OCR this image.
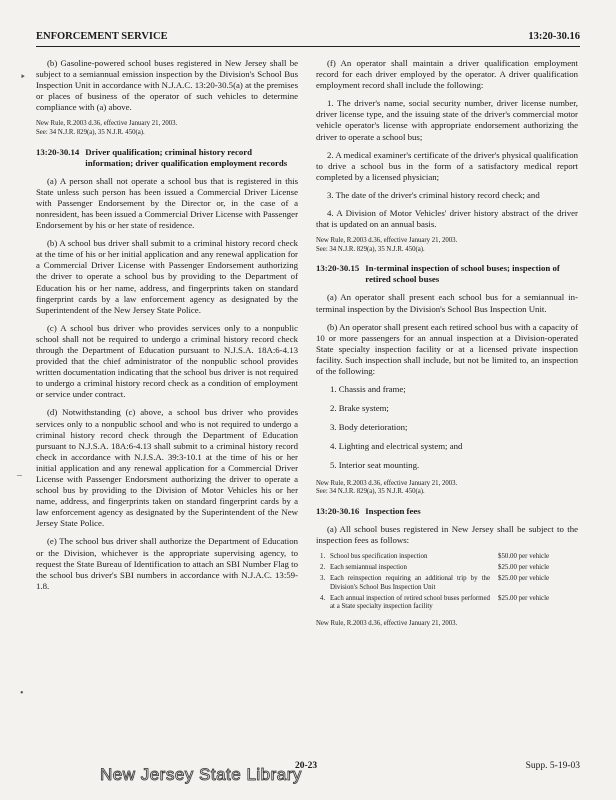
ENFORCEMENT SERVICE	13:20-30.16
‣
–
•

(b) Gasoline-powered school buses registered in New Jersey shall be subject to a semiannual emission inspection by the Division's School Bus Inspection Unit in accordance with N.J.A.C. 13:20-30.5(a) at the premises or places of business of the operator of such vehicles to determine compliance with (a) above.

New Rule, R.2003 d.36, effective January 21, 2003.
See: 34 N.J.R. 829(a), 35 N.J.R. 450(a).
13:20-30.14 Driver qualification; criminal history record information; driver qualification employment records

(a) A person shall not operate a school bus that is registered in this State unless such person has been issued a Commercial Driver License with Passenger Endorsement by the Director or, in the case of a nonresident, has been issued a Commercial Driver License with Passenger Endorsement by his or her state of residence.

(b) A school bus driver shall submit to a criminal history record check at the time of his or her initial application and any renewal application for a Commercial Driver License with Passenger Endorsement authorizing the driver to operate a school bus by providing to the Department of Education his or her name, address, and fingerprints taken on standard fingerprint cards by a law enforcement agency as designated by the Superintendent of the New Jersey State Police.

(c) A school bus driver who provides services only to a nonpublic school shall not be required to undergo a criminal history record check through the Department of Education pursuant to N.J.S.A. 18A:6-4.13 provided that the chief administrator of the nonpublic school provides written documentation indicating that the school bus driver is not required to undergo a criminal history record check as a condition of employment or service under contract.

(d) Notwithstanding (c) above, a school bus driver who provides services only to a nonpublic school and who is not required to undergo a criminal history record check through the Department of Education pursuant to N.J.S.A. 18A:6-4.13 shall submit to a criminal history record check in accordance with N.J.S.A. 39:3-10.1 at the time of his or her initial application and any renewal application for a Commercial Driver License with Passenger Endorsment authorizing the driver to operate a school bus by providing to the Division of Motor Vehicles his or her name, address, and fingerprints taken on standard fingerprint cards by a law enforcement agency as designated by the Superintendent of the New Jersey State Police.

(e) The school bus driver shall authorize the Department of Education or the Division, whichever is the appropriate supervising agency, to request the State Bureau of Identification to attach an SBI Number Flag to the school bus driver's SBI numbers in accordance with N.J.A.C. 13:59-1.8.

(f) An operator shall maintain a driver qualification employment record for each driver employed by the operator. A driver qualification employment record shall include the following:

1. The driver's name, social security number, driver license number, driver license type, and the issuing state of the driver's commercial motor vehicle operator's license with appropriate endorsement authorizing the driver to operate a school bus;

2. A medical examiner's certificate of the driver's physical qualification to drive a school bus in the form of a satisfactory medical report completed by a licensed physician;

3. The date of the driver's criminal history record check; and

4. A Division of Motor Vehicles' driver history abstract of the driver that is updated on an annual basis.

New Rule, R.2003 d.36, effective January 21, 2003.
See: 34 N.J.R. 829(a), 35 N.J.R. 450(a).
13:20-30.15 In-terminal inspection of school buses; inspection of retired school buses

(a) An operator shall present each school bus for a semiannual in-terminal inspection by the Division's School Bus Inspection Unit.

(b) An operator shall present each retired school bus with a capacity of 10 or more passengers for an annual inspection at a Division-operated State specialty inspection facility or at a licensed private inspection facility. Such inspection shall include, but not be limited to, an inspection of the following:

1. Chassis and frame;
2. Brake system;
3. Body deterioration;
4. Lighting and electrical system; and
5. Interior seat mounting.
New Rule, R.2003 d.36, effective January 21, 2003.
See: 34 N.J.R. 829(a), 35 N.J.R. 450(a).
13:20-30.16 Inspection fees

(a) All school buses registered in New Jersey shall be subject to the inspection fees as follows:

1.	School bus specification inspection	$50.00 per vehicle
2.	Each semiannual inspection	$25.00 per vehicle
3.	Each reinspection requiring an additional trip by the Division's School Bus Inspection Unit	$25.00 per vehicle
4.	Each annual inspection of retired school buses performed at a State specialty inspection facility	$25.00 per vehicle
New Rule, R.2003 d.36, effective January 21, 2003.
New Jersey State Library
20-23	Supp. 5-19-03
